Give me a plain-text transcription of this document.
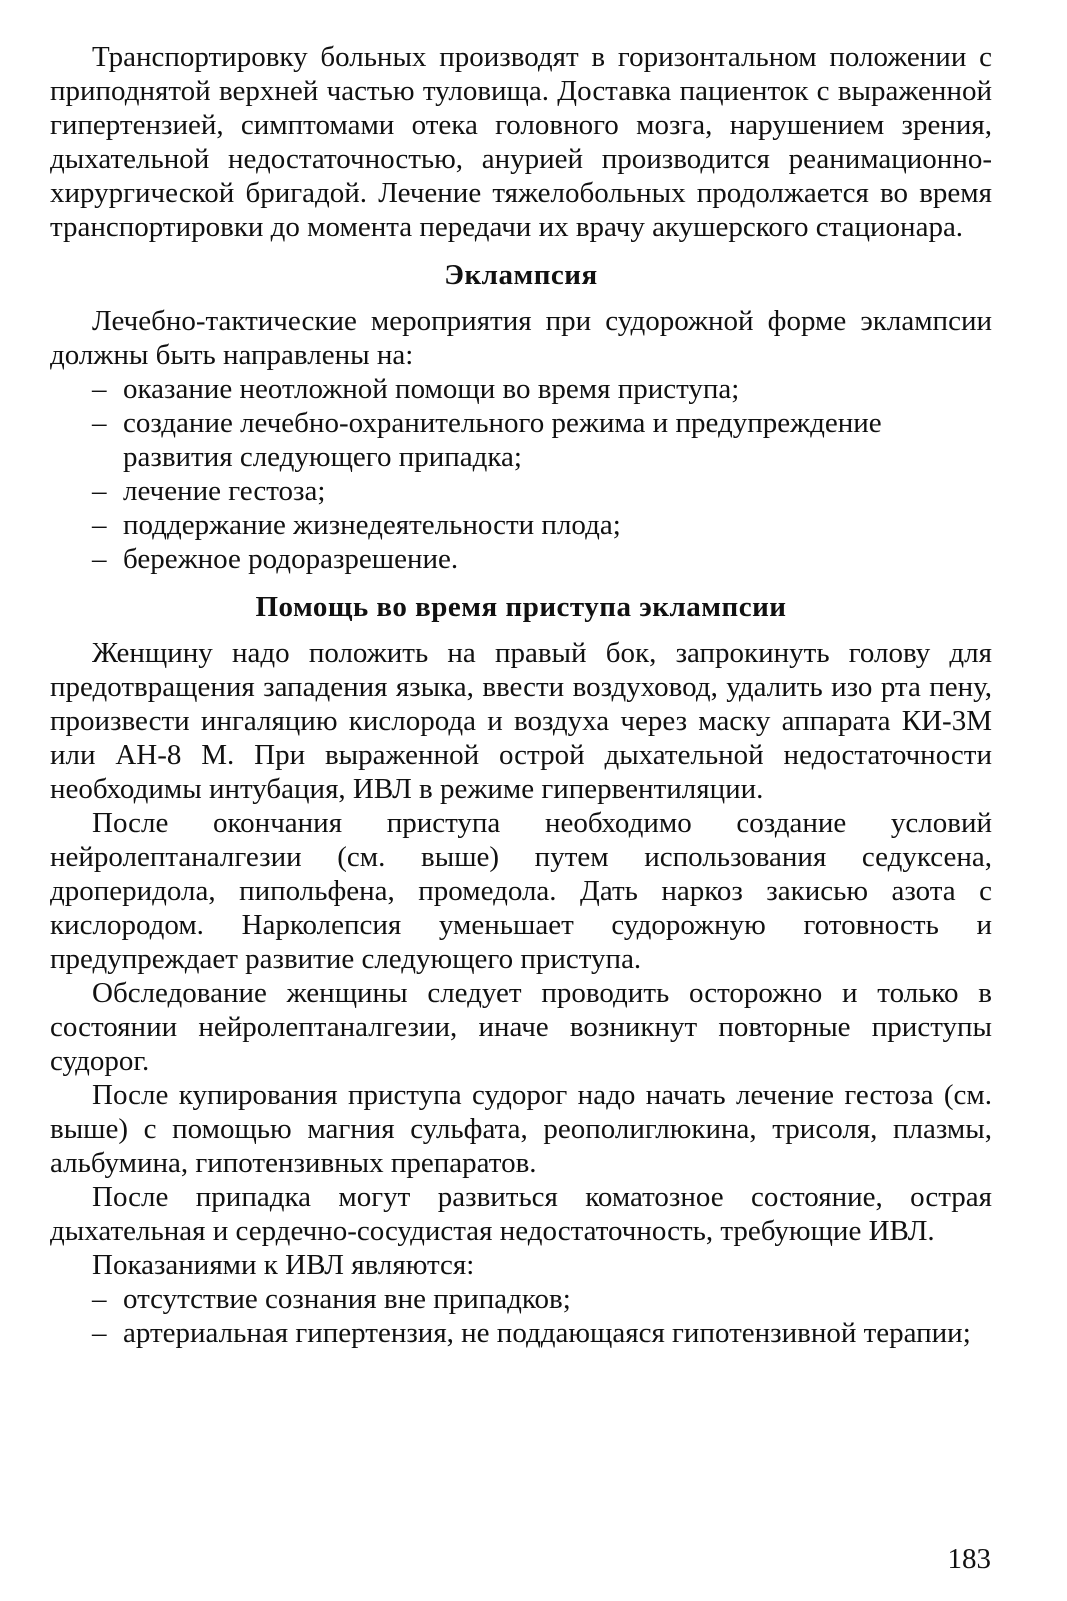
Транспортировку больных производят в горизонтальном положении с приподнятой верхней частью туловища. Доставка пациенток с выраженной гипертензией, симптомами отека головного мозга, нарушением зрения, дыхательной недостаточностью, анурией производится реанимационно-хирургической бригадой. Лечение тяжелобольных продолжается во время транспортировки до момента передачи их врачу акушерского стационара.

Эклампсия

Лечебно-тактические мероприятия при судорожной форме эклампсии должны быть направлены на:

– оказание неотложной помощи во время приступа;
– создание лечебно-охранительного режима и предупреждение развития следующего припадка;
– лечение гестоза;
– поддержание жизнедеятельности плода;
– бережное родоразрешение.
Помощь во время приступа эклампсии

Женщину надо положить на правый бок, запрокинуть голову для предотвращения западения языка, ввести воздуховод, удалить изо рта пену, произвести ингаляцию кислорода и воздуха через маску аппарата КИ-3М или АН-8 М. При выраженной острой дыхательной недостаточности необходимы интубация, ИВЛ в режиме гипервентиляции.

После окончания приступа необходимо создание условий нейролептаналгезии (см. выше) путем использования седуксена, дроперидола, пипольфена, промедола. Дать наркоз закисью азота с кислородом. Нарколепсия уменьшает судорожную готовность и предупреждает развитие следующего приступа.

Обследование женщины следует проводить осторожно и только в состоянии нейролептаналгезии, иначе возникнут повторные приступы судорог.

После купирования приступа судорог надо начать лечение гестоза (см. выше) с помощью магния сульфата, реополиглюкина, трисоля, плазмы, альбумина, гипотензивных препаратов.

После припадка могут развиться коматозное состояние, острая дыхательная и сердечно-сосудистая недостаточность, требующие ИВЛ.

Показаниями к ИВЛ являются:

– отсутствие сознания вне припадков;
– артериальная гипертензия, не поддающаяся гипотензивной терапии;
183
